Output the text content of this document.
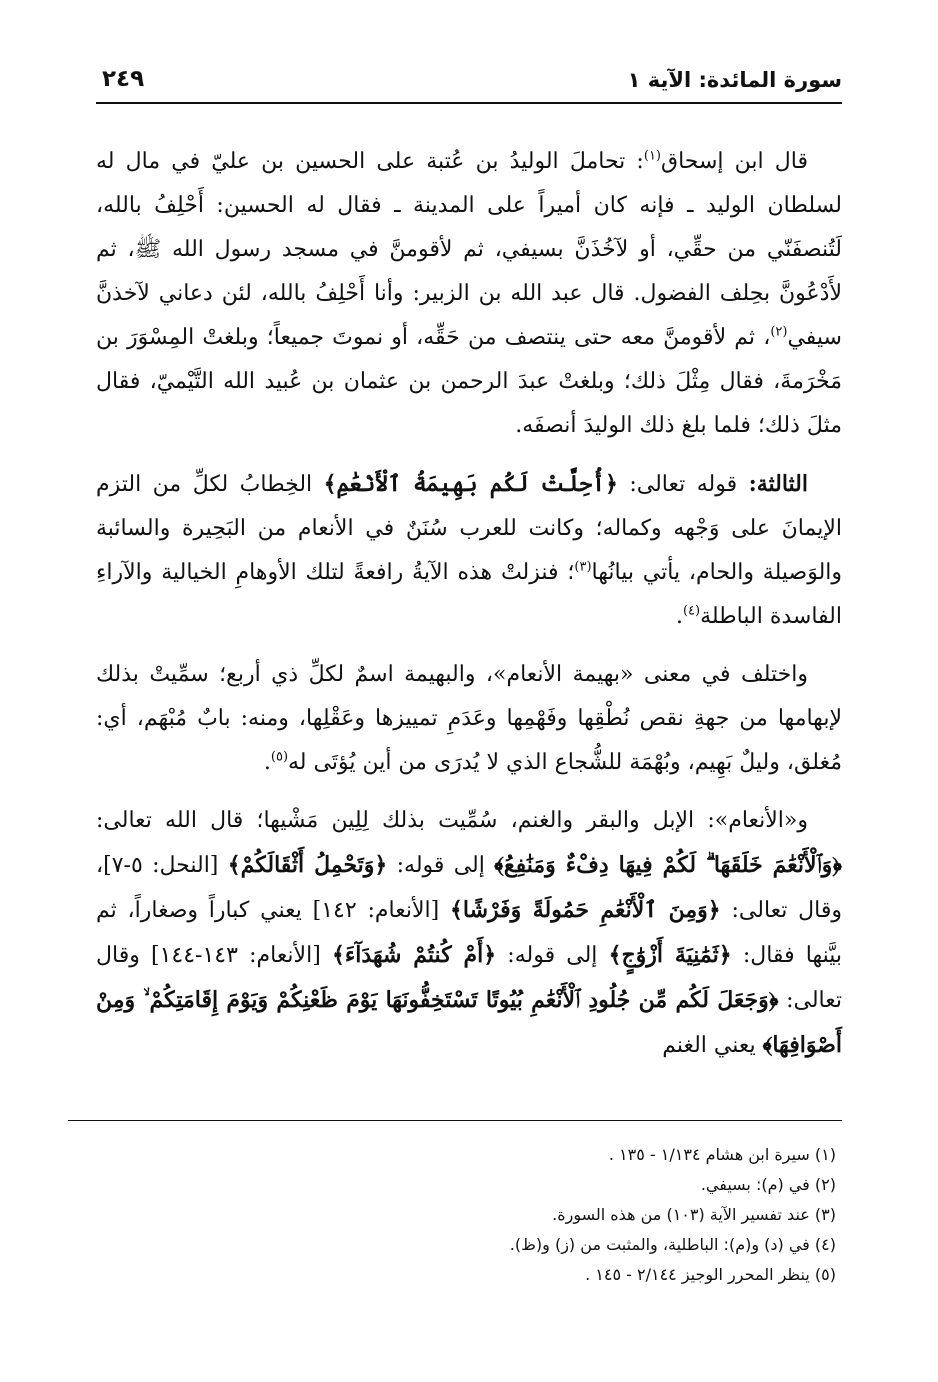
سورة المائدة: الآية ١
٢٤٩

قال ابن إسحاق$^{(١)}$: تحاملَ الوليدُ بن عُتبة على الحسين بن عليّ في مال له لسلطان الوليد ـ فإنه كان أميراً على المدينة ـ فقال له الحسين: أَحْلِفُ بالله، لَتُنصفَنّي من حقِّي، أو لآخُذَنَّ بسيفي، ثم لأقومنَّ في مسجد رسول الله ﷺ، ثم لأَدْعُونَّ بحِلف الفضول. قال عبد الله بن الزبير: وأنا أَحْلِفُ بالله، لئن دعاني لآخذنَّ سيفي$^{(٢)}$، ثم لأقومنَّ معه حتى ينتصف من حَقِّه، أو نموتَ جميعاً؛ وبلغتْ المِسْوَرَ بن مَخْرَمةَ، فقال مِثْلَ ذلك؛ وبلغتْ عبدَ الرحمن بن عثمان بن عُبيد الله التَّيْميّ، فقال مثلَ ذلك؛ فلما بلغ ذلك الوليدَ أنصفَه.

الثالثة: قوله تعالى: ﴿أُحِلَّتْ لَكُم بَهِيمَةُ ٱلْأَنْعَٰمِ﴾ الخِطابُ لكلِّ من التزم الإيمانَ على وَجْهه وكماله؛ وكانت للعرب سُنَنٌ في الأنعام من البَحِيرة والسائبة والوَصيلة والحام، يأتي بيانُها$^{(٣)}$؛ فنزلتْ هذه الآيةُ رافعةً لتلك الأوهامِ الخيالية والآراءِ الفاسدة الباطلة$^{(٤)}$.

واختلف في معنى «بهيمة الأنعام»، والبهيمة اسمٌ لكلِّ ذي أربع؛ سمِّيتْ بذلك لإبهامها من جهةِ نقص نُطْقِها وفَهْمِها وعَدَمِ تمييزها وعَقْلِها، ومنه: بابٌ مُبْهَم، أي: مُغلق، وليلٌ بَهِيم، وبُهْمَة للشُّجاع الذي لا يُدرَى من أين يُؤتَى له$^{(٥)}$.

و«الأنعام»: الإبل والبقر والغنم، سُمِّيت بذلك لِلِين مَشْيها؛ قال الله تعالى: ﴿وَٱلْأَنْعَٰمَ خَلَقَهَا ۗ لَكُمْ فِيهَا دِفْءٌ وَمَنَٰفِعُ﴾ إلى قوله: ﴿وَتَحْمِلُ أَثْقَالَكُمْ﴾ [النحل: ٥-٧]، وقال تعالى: ﴿وَمِنَ ٱلْأَنْعَٰمِ حَمُولَةً وَفَرْشًا﴾ [الأنعام: ١٤٢] يعني كباراً وصغاراً، ثم بيَّنها فقال: ﴿ثَمَٰنِيَةَ أَزْوَٰجٍ﴾ إلى قوله: ﴿أَمْ كُنتُمْ شُهَدَآءَ﴾ [الأنعام: ١٤٣-١٤٤] وقال تعالى: ﴿وَجَعَلَ لَكُم مِّن جُلُودِ ٱلْأَنْعَٰمِ بُيُوتًا تَسْتَخِفُّونَهَا يَوْمَ ظَعْنِكُمْ وَيَوْمَ إِقَامَتِكُمْ ۙ وَمِنْ أَصْوَافِهَا﴾ يعني الغنم

(١) سيرة ابن هشام ١/١٣٤ - ١٣٥ .
(٢) في (م): بسيفي.
(٣) عند تفسير الآية (١٠٣) من هذه السورة.
(٤) في (د) و(م): الباطلية، والمثبت من (ز) و(ظ).
(٥) ينظر المحرر الوجيز ٢/١٤٤ - ١٤٥ .
